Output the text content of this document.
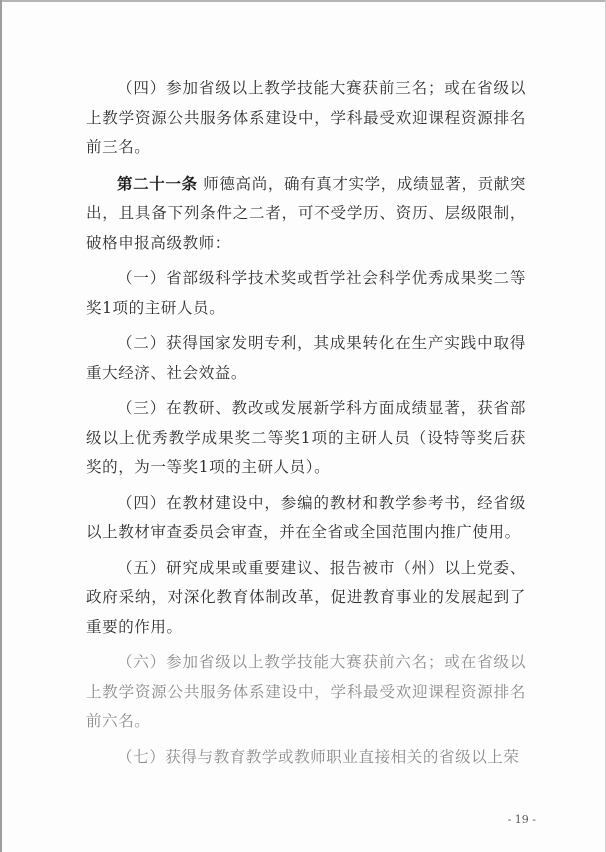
（四）参加省级以上教学技能大赛获前三名；或在省级以上教学资源公共服务体系建设中，学科最受欢迎课程资源排名前三名。

第二十一条 师德高尚，确有真才实学，成绩显著，贡献突出，且具备下列条件之二者，可不受学历、资历、层级限制，破格申报高级教师：

（一）省部级科学技术奖或哲学社会科学优秀成果奖二等奖1项的主研人员。

（二）获得国家发明专利，其成果转化在生产实践中取得重大经济、社会效益。

（三）在教研、教改或发展新学科方面成绩显著，获省部级以上优秀教学成果奖二等奖1项的主研人员（设特等奖后获奖的，为一等奖1项的主研人员）。

（四）在教材建设中，参编的教材和教学参考书，经省级以上教材审查委员会审查，并在全省或全国范围内推广使用。

（五）研究成果或重要建议、报告被市（州）以上党委、政府采纳，对深化教育体制改革，促进教育事业的发展起到了重要的作用。

（六）参加省级以上教学技能大赛获前六名；或在省级以上教学资源公共服务体系建设中，学科最受欢迎课程资源排名前六名。

（七）获得与教育教学或教师职业直接相关的省级以上荣

- 19 -
